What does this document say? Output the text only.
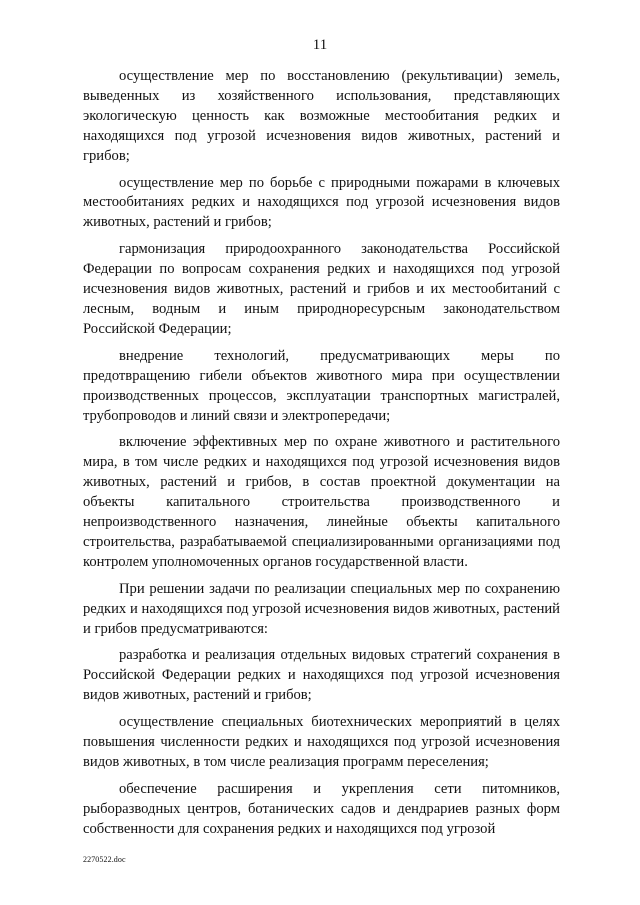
11

осуществление мер по восстановлению (рекультивации) земель, выведенных из хозяйственного использования, представляющих экологическую ценность как возможные местообитания редких и находящихся под угрозой исчезновения видов животных, растений и грибов;

осуществление мер по борьбе с природными пожарами в ключевых местообитаниях редких и находящихся под угрозой исчезновения видов животных, растений и грибов;

гармонизация природоохранного законодательства Российской Федерации по вопросам сохранения редких и находящихся под угрозой исчезновения видов животных, растений и грибов и их местообитаний с лесным, водным и иным природноресурсным законодательством Российской Федерации;

внедрение технологий, предусматривающих меры по предотвращению гибели объектов животного мира при осуществлении производственных процессов, эксплуатации транспортных магистралей, трубопроводов и линий связи и электропередачи;

включение эффективных мер по охране животного и растительного мира, в том числе редких и находящихся под угрозой исчезновения видов животных, растений и грибов, в состав проектной документации на объекты капитального строительства производственного и непроизводственного назначения, линейные объекты капитального строительства, разрабатываемой специализированными организациями под контролем уполномоченных органов государственной власти.

При решении задачи по реализации специальных мер по сохранению редких и находящихся под угрозой исчезновения видов животных, растений и грибов предусматриваются:

разработка и реализация отдельных видовых стратегий сохранения в Российской Федерации редких и находящихся под угрозой исчезновения видов животных, растений и грибов;

осуществление специальных биотехнических мероприятий в целях повышения численности редких и находящихся под угрозой исчезновения видов животных, в том числе реализация программ переселения;

обеспечение расширения и укрепления сети питомников, рыборазводных центров, ботанических садов и дендрариев разных форм собственности для сохранения редких и находящихся под угрозой

2270522.doc
